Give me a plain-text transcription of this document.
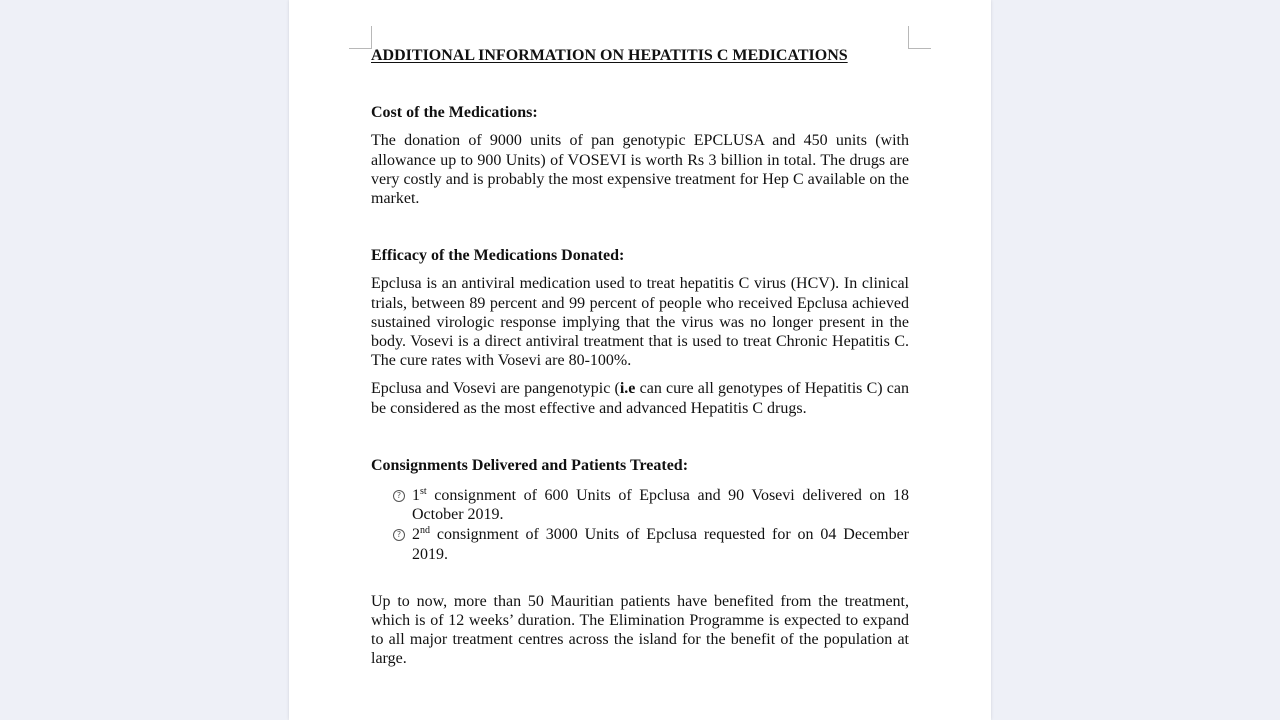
ADDITIONAL INFORMATION ON HEPATITIS C MEDICATIONS

Cost of the Medications:

The donation of 9000 units of pan genotypic EPCLUSA and 450 units (with allowance up to 900 Units) of VOSEVI is worth Rs 3 billion in total. The drugs are very costly and is probably the most expensive treatment for Hep C available on the market.

Efficacy of the Medications Donated:

Epclusa is an antiviral medication used to treat hepatitis C virus (HCV). In clinical trials, between 89 percent and 99 percent of people who received Epclusa achieved sustained virologic response implying that the virus was no longer present in the body. Vosevi is a direct antiviral treatment that is used to treat Chronic Hepatitis C. The cure rates with Vosevi are 80-100%.

Epclusa and Vosevi are pangenotypic (i.e can cure all genotypes of Hepatitis C) can be considered as the most effective and advanced Hepatitis C drugs.

Consignments Delivered and Patients Treated:

? 1st consignment of 600 Units of Epclusa and 90 Vosevi delivered on 18 October 2019.
? 2nd consignment of 3000 Units of Epclusa requested for on 04 December 2019.

Up to now, more than 50 Mauritian patients have benefited from the treatment, which is of 12 weeks’ duration. The Elimination Programme is expected to expand to all major treatment centres across the island for the benefit of the population at large.
